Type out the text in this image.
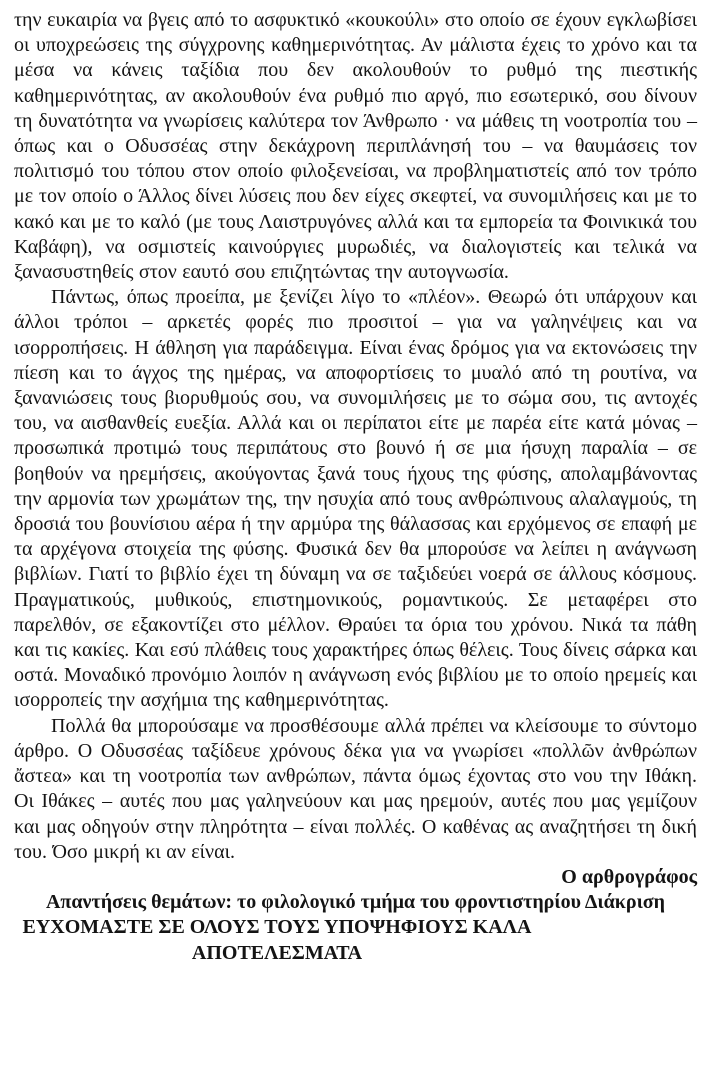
την ευκαιρία να βγεις από το ασφυκτικό «κουκούλι» στο οποίο σε έχουν εγκλωβίσει οι υποχρεώσεις της σύγχρονης καθημερινότητας. Αν μάλιστα έχεις το χρόνο και τα μέσα να κάνεις ταξίδια που δεν ακολουθούν το ρυθμό της πιεστικής καθημερινότητας, αν ακολουθούν ένα ρυθμό πιο αργό, πιο εσωτερικό, σου δίνουν τη δυνατότητα να γνωρίσεις καλύτερα τον Άνθρωπο · να μάθεις τη νοοτροπία του – όπως και ο Οδυσσέας στην δεκάχρονη περιπλάνησή του – να θαυμάσεις τον πολιτισμό του τόπου στον οποίο φιλοξενείσαι, να προβληματιστείς από τον τρόπο με τον οποίο ο Άλλος δίνει λύσεις που δεν είχες σκεφτεί, να συνομιλήσεις και με το κακό και με το καλό (με τους Λαιστρυγόνες αλλά και τα εμπορεία τα Φοινικικά του Καβάφη), να οσμιστείς καινούργιες μυρωδιές, να διαλογιστείς και τελικά να ξανασυστηθείς στον εαυτό σου επιζητώντας την αυτογνωσία.

Πάντως, όπως προείπα, με ξενίζει λίγο το «πλέον». Θεωρώ ότι υπάρχουν και άλλοι τρόποι – αρκετές φορές πιο προσιτοί – για να γαληνέψεις και να ισορροπήσεις. Η άθληση για παράδειγμα. Είναι ένας δρόμος για να εκτονώσεις την πίεση και το άγχος της ημέρας, να αποφορτίσεις το μυαλό από τη ρουτίνα, να ξανανιώσεις τους βιορυθμούς σου, να συνομιλήσεις με το σώμα σου, τις αντοχές του, να αισθανθείς ευεξία. Αλλά και οι περίπατοι είτε με παρέα είτε κατά μόνας – προσωπικά προτιμώ τους περιπάτους στο βουνό ή σε μια ήσυχη παραλία – σε βοηθούν να ηρεμήσεις, ακούγοντας ξανά τους ήχους της φύσης, απολαμβάνοντας την αρμονία των χρωμάτων της, την ησυχία από τους ανθρώπινους αλαλαγμούς, τη δροσιά του βουνίσιου αέρα ή την αρμύρα της θάλασσας και ερχόμενος σε επαφή με τα αρχέγονα στοιχεία της φύσης. Φυσικά δεν θα μπορούσε να λείπει η ανάγνωση βιβλίων. Γιατί το βιβλίο έχει τη δύναμη να σε ταξιδεύει νοερά σε άλλους κόσμους. Πραγματικούς, μυθικούς, επιστημονικούς, ρομαντικούς. Σε μεταφέρει στο παρελθόν, σε εξακοντίζει στο μέλλον. Θραύει τα όρια του χρόνου. Νικά τα πάθη και τις κακίες. Και εσύ πλάθεις τους χαρακτήρες όπως θέλεις. Τους δίνεις σάρκα και οστά. Μοναδικό προνόμιο λοιπόν η ανάγνωση ενός βιβλίου με το οποίο ηρεμείς και ισορροπείς την ασχήμια της καθημερινότητας.

Πολλά θα μπορούσαμε να προσθέσουμε αλλά πρέπει να κλείσουμε το σύντομο άρθρο. Ο Οδυσσέας ταξίδευε χρόνους δέκα για να γνωρίσει «πολλῶν ἀνθρώπων ἄστεα» και τη νοοτροπία των ανθρώπων, πάντα όμως έχοντας στο νου την Ιθάκη. Οι Ιθάκες – αυτές που μας γαληνεύουν και μας ηρεμούν, αυτές που μας γεμίζουν και μας οδηγούν στην πληρότητα – είναι πολλές. Ο καθένας ας αναζητήσει τη δική του. Όσο μικρή κι αν είναι.

Ο αρθρογράφος

Απαντήσεις θεμάτων: το φιλολογικό τμήμα του φροντιστηρίου Διάκριση

ΕΥΧΟΜΑΣΤΕ ΣΕ ΟΛΟΥΣ ΤΟΥΣ ΥΠΟΨΗΦΙΟΥΣ ΚΑΛΑ ΑΠΟΤΕΛΕΣΜΑΤΑ
